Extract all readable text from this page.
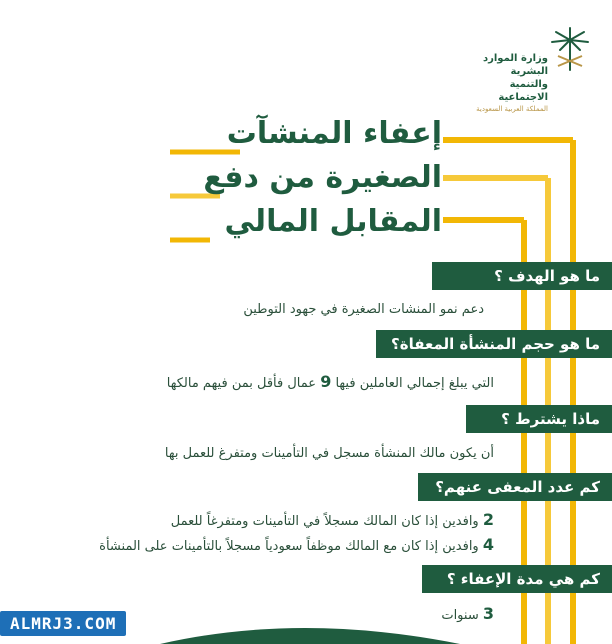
وزارة الموارد البشرية
والتنمية الاجتماعية
المملكة العربية السعودية
إعفاء المنشآت
الصغيرة من دفع
المقابل المالي
ما هو الهدف ؟
دعم نمو المنشات الصغيرة في جهود التوطين
ما هو حجم المنشأة المعفاة؟
التي يبلغ إجمالي العاملين فيها 9 عمال فأقل بمن فيهم مالكها
ماذا يشترط ؟
أن يكون مالك المنشأة مسجل في التأمينات ومتفرغ للعمل بها
كم عدد المعفى عنهم؟
2 وافدين إذا كان المالك مسجلاً في التأمينات ومتفرغاً للعمل
4 وافدين إذا كان مع المالك موظفاً سعودياً مسجلاً بالتأمينات على المنشأة
كم هي مدة الإعفاء ؟
3 سنوات
ALMRJ3.COM
